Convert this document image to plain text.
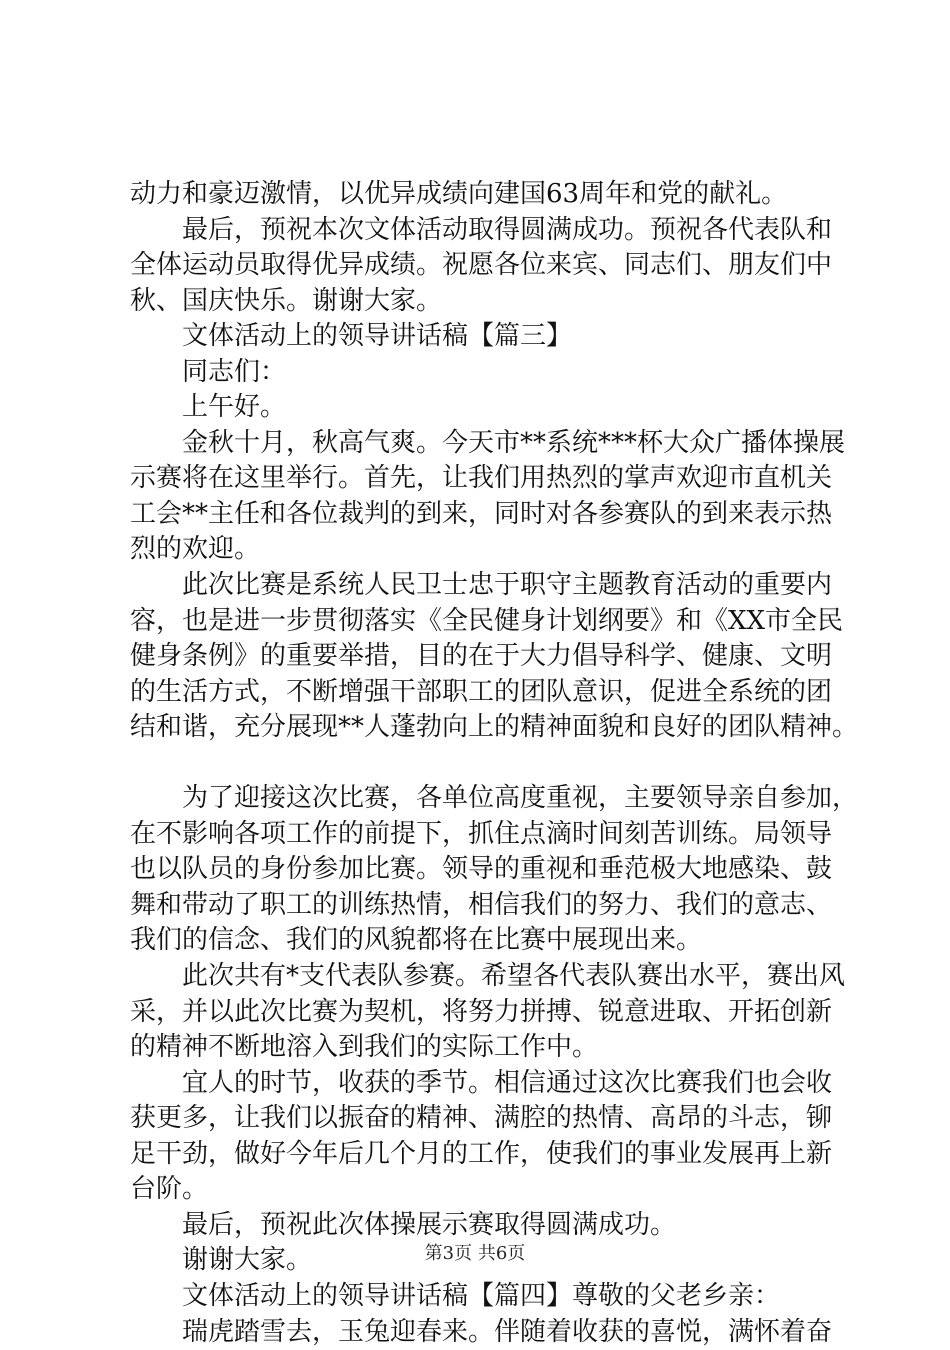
动力和豪迈激情，以优异成绩向建国63周年和党的献礼。
最后，预祝本次文体活动取得圆满成功。预祝各代表队和
全体运动员取得优异成绩。祝愿各位来宾、同志们、朋友们中
秋、国庆快乐。谢谢大家。
文体活动上的领导讲话稿【篇三】
同志们：
上午好。
金秋十月，秋高气爽。今天市**系统***杯大众广播体操展
示赛将在这里举行。首先，让我们用热烈的掌声欢迎市直机关
工会**主任和各位裁判的到来，同时对各参赛队的到来表示热
烈的欢迎。
此次比赛是系统人民卫士忠于职守主题教育活动的重要内
容，也是进一步贯彻落实《全民健身计划纲要》和《XX市全民
健身条例》的重要举措，目的在于大力倡导科学、健康、文明
的生活方式，不断增强干部职工的团队意识，促进全系统的团
结和谐，充分展现**人蓬勃向上的精神面貌和良好的团队精神。
为了迎接这次比赛，各单位高度重视，主要领导亲自参加，
在不影响各项工作的前提下，抓住点滴时间刻苦训练。局领导
也以队员的身份参加比赛。领导的重视和垂范极大地感染、鼓
舞和带动了职工的训练热情，相信我们的努力、我们的意志、
我们的信念、我们的风貌都将在比赛中展现出来。
此次共有*支代表队参赛。希望各代表队赛出水平，赛出风
采，并以此次比赛为契机，将努力拼搏、锐意进取、开拓创新
的精神不断地溶入到我们的实际工作中。
宜人的时节，收获的季节。相信通过这次比赛我们也会收
获更多，让我们以振奋的精神、满腔的热情、高昂的斗志，铆
足干劲，做好今年后几个月的工作，使我们的事业发展再上新
台阶。
最后，预祝此次体操展示赛取得圆满成功。
谢谢大家。
文体活动上的领导讲话稿【篇四】尊敬的父老乡亲：
瑞虎踏雪去，玉兔迎春来。伴随着收获的喜悦，满怀着奋
第3页 共6页
